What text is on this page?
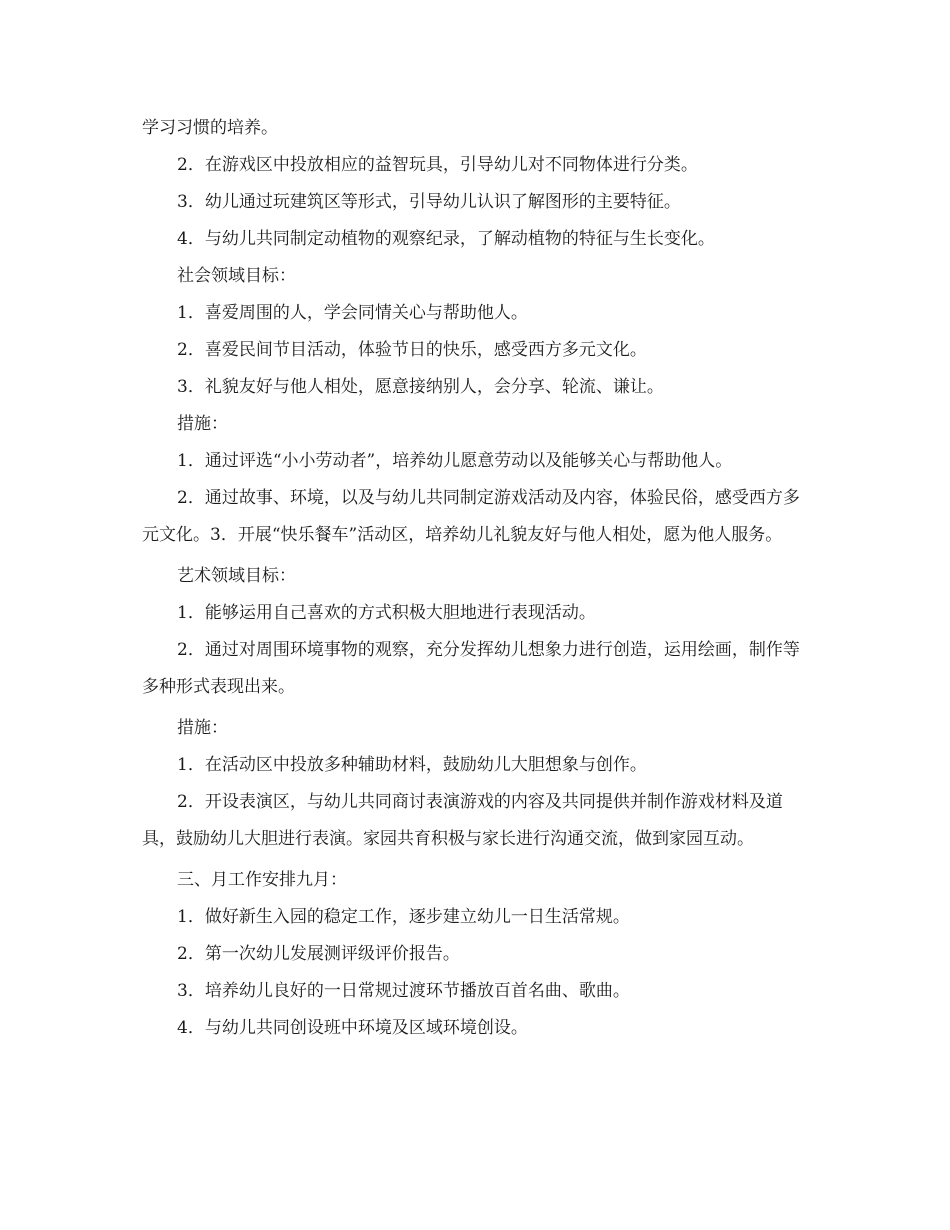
学习习惯的培养。

2．在游戏区中投放相应的益智玩具，引导幼儿对不同物体进行分类。

3．幼儿通过玩建筑区等形式，引导幼儿认识了解图形的主要特征。

4．与幼儿共同制定动植物的观察纪录，了解动植物的特征与生长变化。

社会领域目标：

1．喜爱周围的人，学会同情关心与帮助他人。

2．喜爱民间节目活动，体验节日的快乐，感受西方多元文化。

3．礼貌友好与他人相处，愿意接纳别人，会分享、轮流、谦让。

措施：

1．通过评选“小小劳动者”，培养幼儿愿意劳动以及能够关心与帮助他人。

2．通过故事、环境，以及与幼儿共同制定游戏活动及内容，体验民俗，感受西方多元文化。3．开展“快乐餐车”活动区，培养幼儿礼貌友好与他人相处，愿为他人服务。

艺术领域目标：

1．能够运用自己喜欢的方式积极大胆地进行表现活动。

2．通过对周围环境事物的观察，充分发挥幼儿想象力进行创造，运用绘画，制作等多种形式表现出来。

措施：

1．在活动区中投放多种辅助材料，鼓励幼儿大胆想象与创作。

2．开设表演区，与幼儿共同商讨表演游戏的内容及共同提供并制作游戏材料及道具，鼓励幼儿大胆进行表演。家园共育积极与家长进行沟通交流，做到家园互动。

三、月工作安排九月：

1．做好新生入园的稳定工作，逐步建立幼儿一日生活常规。

2．第一次幼儿发展测评级评价报告。

3．培养幼儿良好的一日常规过渡环节播放百首名曲、歌曲。

4．与幼儿共同创设班中环境及区域环境创设。
